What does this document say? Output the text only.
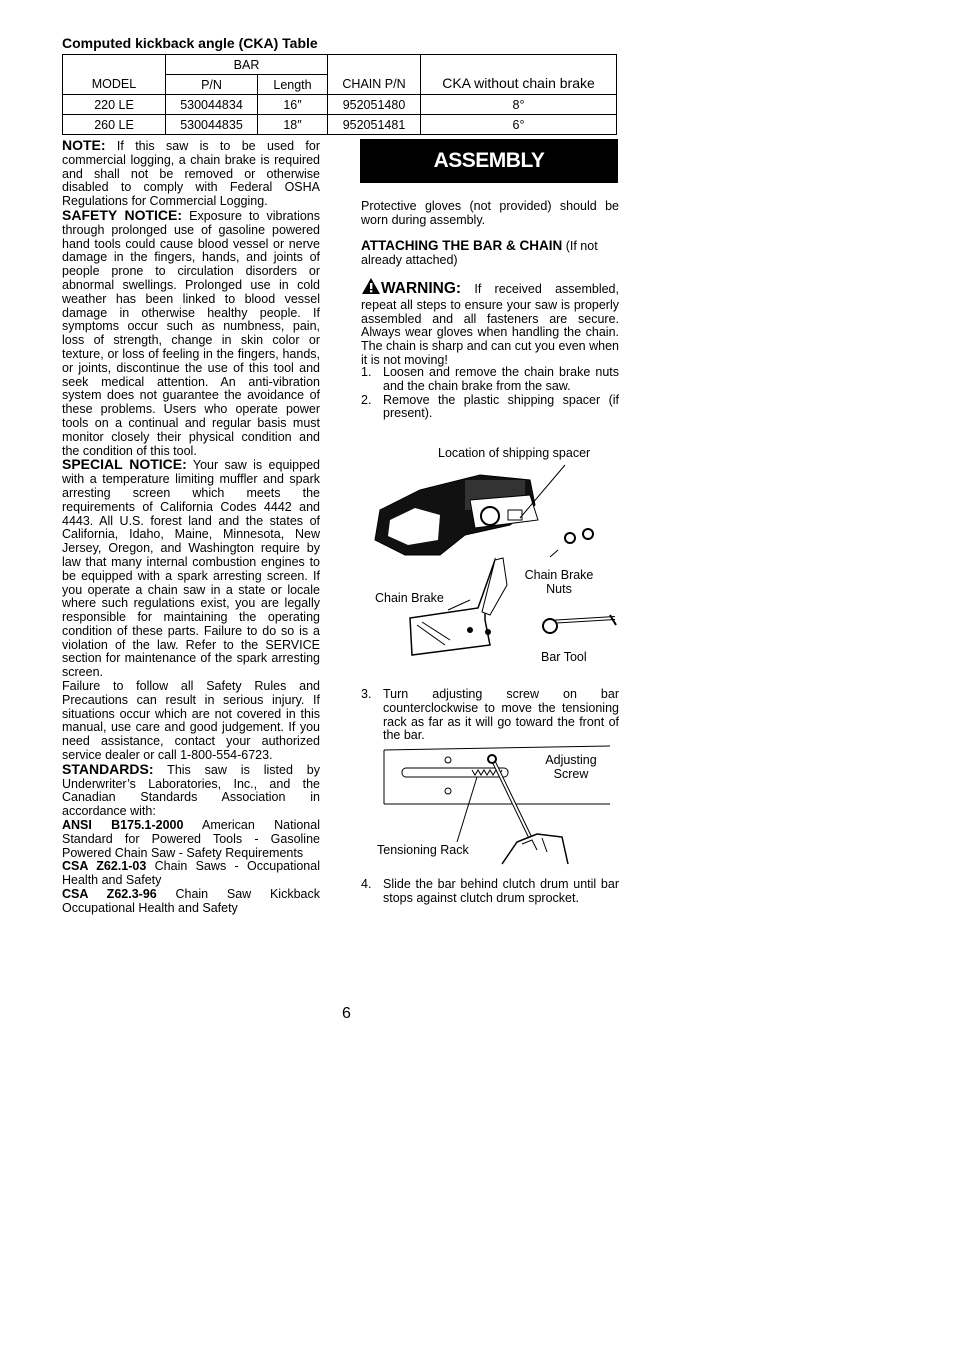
Computed kickback angle (CKA) Table
MODEL	BAR		CHAIN P/N	CKA without chain brake
	P/N	Length		
220 LE	530044834	16″	952051480	8°
260 LE	530044835	18″	952051481	6°

NOTE: If this saw is to be used for commercial logging, a chain brake is required and shall not be removed or otherwise disabled to comply with Federal OSHA Regulations for Commercial Logging.

SAFETY NOTICE: Exposure to vibrations through prolonged use of gasoline powered hand tools could cause blood vessel or nerve damage in the fingers, hands, and joints of people prone to circulation disorders or abnormal swellings. Prolonged use in cold weather has been linked to blood vessel damage in otherwise healthy people. If symptoms occur such as numbness, pain, loss of strength, change in skin color or texture, or loss of feeling in the fingers, hands, or joints, discontinue the use of this tool and seek medical attention. An anti-vibration system does not guarantee the avoidance of these problems. Users who operate power tools on a continual and regular basis must monitor closely their physical condition and the condition of this tool.

SPECIAL NOTICE: Your saw is equipped with a temperature limiting muffler and spark arresting screen which meets the requirements of California Codes 4442 and 4443. All U.S. forest land and the states of California, Idaho, Maine, Minnesota, New Jersey, Oregon, and Washington require by law that many internal combustion engines to be equipped with a spark arresting screen. If you operate a chain saw in a state or locale where such regulations exist, you are legally responsible for maintaining the operating condition of these parts. Failure to do so is a violation of the law. Refer to the SERVICE section for maintenance of the spark arresting screen.

Failure to follow all Safety Rules and Precautions can result in serious injury. If situations occur which are not covered in this manual, use care and good judgement. If you need assistance, contact your authorized service dealer or call 1-800-554-6723.

STANDARDS: This saw is listed by Underwriter’s Laboratories, Inc., and the Canadian Standards Association in accordance with:

ANSI B175.1-2000 American National Standard for Powered Tools - Gasoline Powered Chain Saw - Safety Requirements

CSA Z62.1-03 Chain Saws - Occupational Health and Safety

CSA Z62.3-96 Chain Saw Kickback Occupational Health and Safety

ASSEMBLY
Protective gloves (not provided) should be worn during assembly.
ATTACHING THE BAR & CHAIN (If not already attached)
WARNING: If received assembled, repeat all steps to ensure your saw is properly assembled and all fasteners are secure. Always wear gloves when handling the chain. The chain is sharp and can cut you even when it is not moving!
1. Loosen and remove the chain brake nuts and the chain brake from the saw.
2. Remove the plastic shipping spacer (if present).
Location of shipping spacer
Chain Brake
Chain Brake
Nuts
Bar Tool
3. Turn adjusting screw on bar counterclockwise to move the tensioning rack as far as it will go toward the front of the bar.
Adjusting
Screw
Tensioning Rack
4. Slide the bar behind clutch drum until bar stops against clutch drum sprocket.
6
